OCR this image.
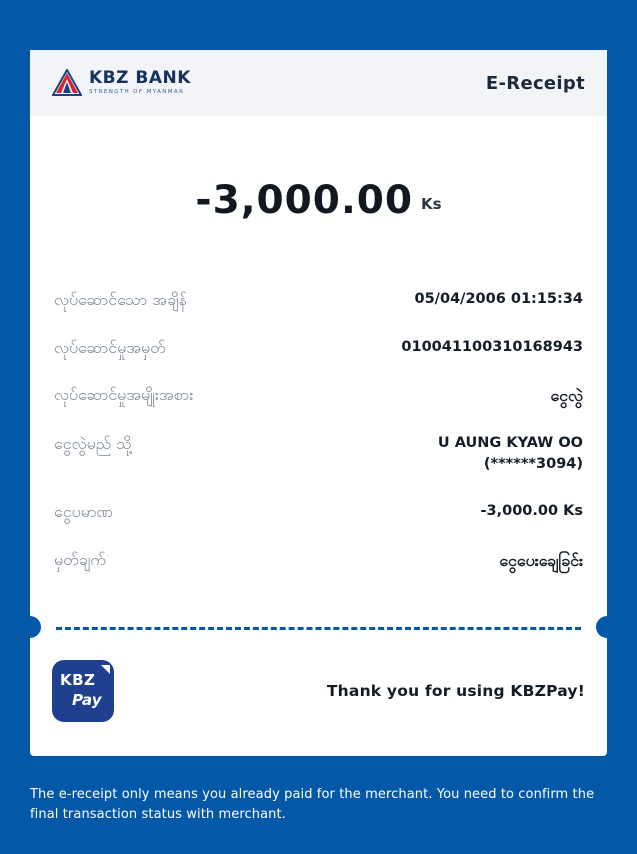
KBZ BANK
STRENGTH OF MYANMAR	E-Receipt
-3,000.00 Ks
လုပ်ဆောင်သော အချိန်	05/04/2006 01:15:34
လုပ်ဆောင်မှုအမှတ်	010041100310168943
လုပ်ဆောင်မှုအမျိုးအစား	ငွေလွဲ
ငွေလွဲမည် သို့	U AUNG KYAW OO
(******3094)
ငွေပမာဏ	-3,000.00 Ks
မှတ်ချက်	ငွေပေးချေခြင်း
KBZ
Pay	Thank you for using KBZPay!
The e-receipt only means you already paid for the merchant. You need to confirm the final transaction status with merchant.
